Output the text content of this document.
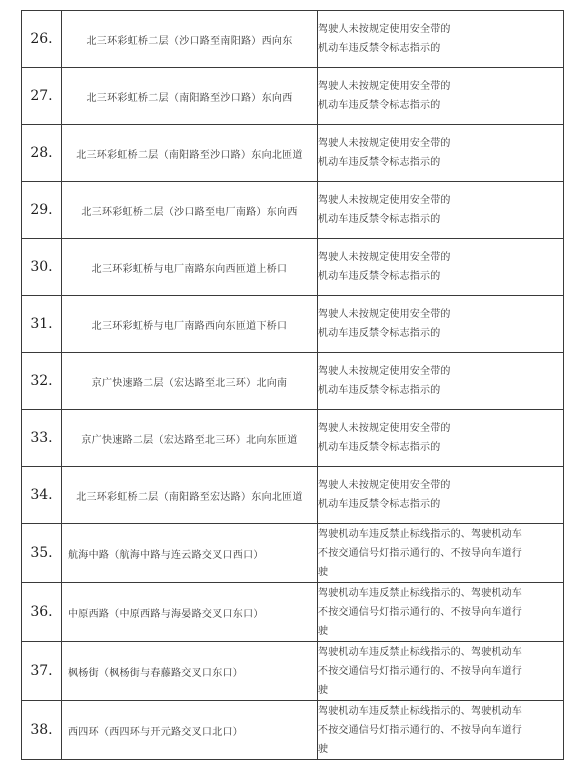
26.	北三环彩虹桥二层（沙口路至南阳路）西向东	驾驶人未按规定使用安全带的
机动车违反禁令标志指示的
27.	北三环彩虹桥二层（南阳路至沙口路）东向西	驾驶人未按规定使用安全带的
机动车违反禁令标志指示的
28.	北三环彩虹桥二层（南阳路至沙口路）东向北匝道	驾驶人未按规定使用安全带的
机动车违反禁令标志指示的
29.	北三环彩虹桥二层（沙口路至电厂南路）东向西	驾驶人未按规定使用安全带的
机动车违反禁令标志指示的
30.	北三环彩虹桥与电厂南路东向西匝道上桥口	驾驶人未按规定使用安全带的
机动车违反禁令标志指示的
31.	北三环彩虹桥与电厂南路西向东匝道下桥口	驾驶人未按规定使用安全带的
机动车违反禁令标志指示的
32.	京广快速路二层（宏达路至北三环）北向南	驾驶人未按规定使用安全带的
机动车违反禁令标志指示的
33.	京广快速路二层（宏达路至北三环）北向东匝道	驾驶人未按规定使用安全带的
机动车违反禁令标志指示的
34.	北三环彩虹桥二层（南阳路至宏达路）东向北匝道	驾驶人未按规定使用安全带的
机动车违反禁令标志指示的
35.	航海中路（航海中路与连云路交叉口西口）	驾驶机动车违反禁止标线指示的、驾驶机动车
不按交通信号灯指示通行的、不按导向车道行
驶
36.	中原西路（中原西路与海晏路交叉口东口）	驾驶机动车违反禁止标线指示的、驾驶机动车
不按交通信号灯指示通行的、不按导向车道行
驶
37.	枫杨街（枫杨街与春藤路交叉口东口）	驾驶机动车违反禁止标线指示的、驾驶机动车
不按交通信号灯指示通行的、不按导向车道行
驶
38.	西四环（西四环与开元路交叉口北口）	驾驶机动车违反禁止标线指示的、驾驶机动车
不按交通信号灯指示通行的、不按导向车道行
驶
